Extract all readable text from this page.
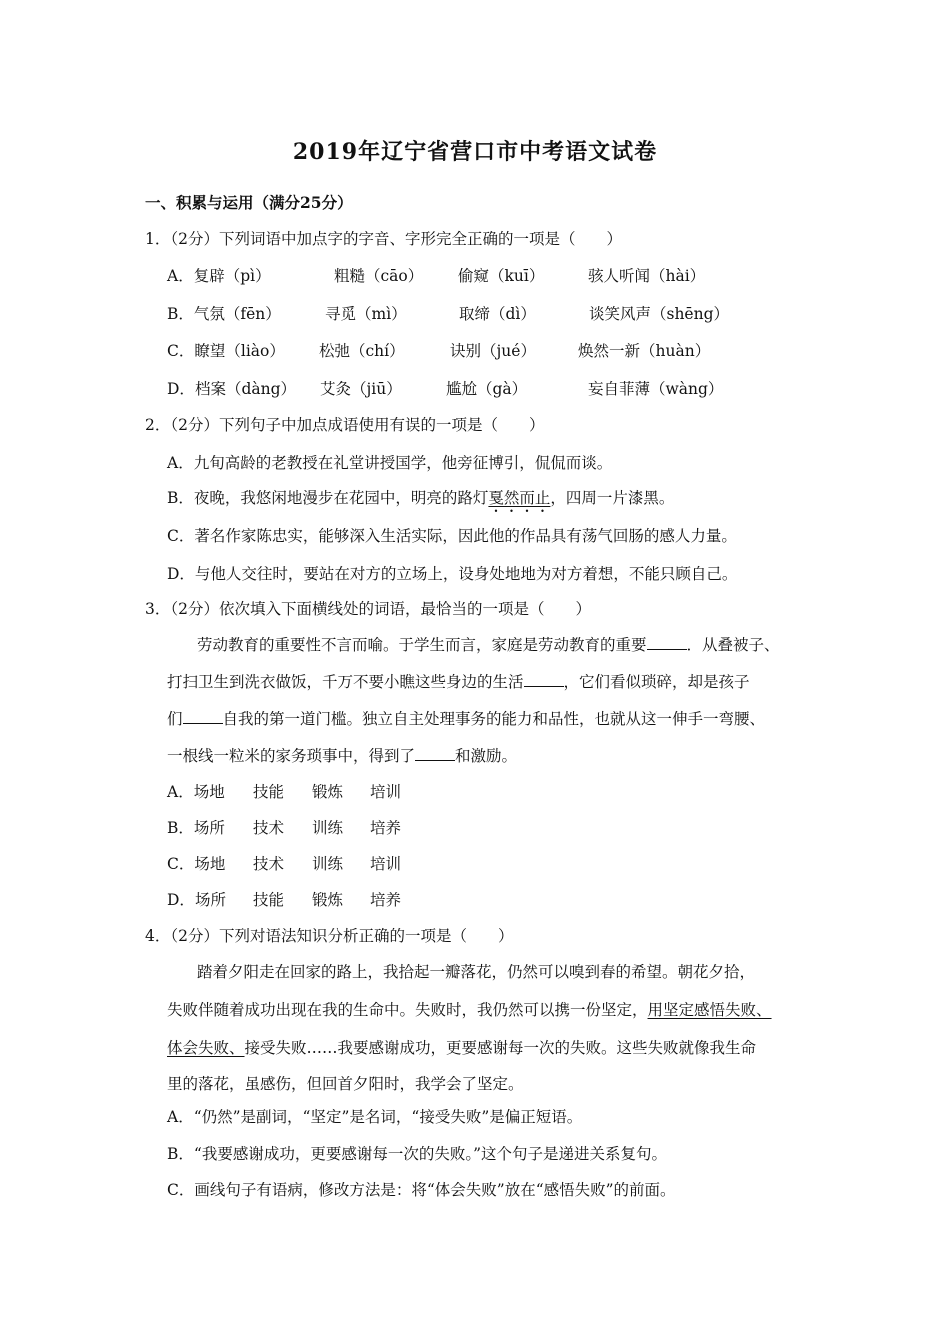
2019年辽宁省营口市中考语文试卷
一、积累与运用（满分25分）
1．（2分）下列词语中加点字的字音、字形完全正确的一项是（　　）
A．复辟（pì）	粗糙（cāo） 偷窥（kuī）	骇人听闻（hài）
B．气氛（fēn）	寻觅（mì）	取缔（dì）	谈笑风声（shēng）
C．瞭望（liào） 松弛（chí）	诀别（jué）	焕然一新（huàn）
D．档案（dàng） 艾灸（jiū）	尴尬（gà）	妄自菲薄（wàng）
2．（2分）下列句子中加点成语使用有误的一项是（　　）
A．九旬高龄的老教授在礼堂讲授国学，他旁征博引，侃侃而谈。
B．夜晚，我悠闲地漫步在花园中，明亮的路灯戛然而止，四周一片漆黑。
C．著名作家陈忠实，能够深入生活实际，因此他的作品具有荡气回肠的感人力量。
D．与他人交往时，要站在对方的立场上，设身处地地为对方着想，不能只顾自己。
3．（2分）依次填入下面横线处的词语，最恰当的一项是（　　）
劳动教育的重要性不言而喻。于学生而言，家庭是劳动教育的重要	．从叠被子、
打扫卫生到洗衣做饭，千万不要小瞧这些身边的生活	，它们看似琐碎，却是孩子
们	自我的第一道门槛。独立自主处理事务的能力和品性，也就从这一伸手一弯腰、
一根线一粒米的家务琐事中，得到了	和激励。
A．场地 技能 锻炼 培训
B．场所 技术 训练 培养
C．场地 技术 训练 培训
D．场所 技能 锻炼 培养
4．（2分）下列对语法知识分析正确的一项是（　　）
踏着夕阳走在回家的路上，我拾起一瓣落花，仍然可以嗅到春的希望。朝花夕拾，
失败伴随着成功出现在我的生命中。失败时，我仍然可以携一份坚定，用坚定感悟失败、
体会失败、接受失败……我要感谢成功，更要感谢每一次的失败。这些失败就像我生命
里的落花，虽感伤，但回首夕阳时，我学会了坚定。
A．“仍然”是副词，“坚定”是名词，“接受失败”是偏正短语。
B．“我要感谢成功，更要感谢每一次的失败。”这个句子是递进关系复句。
C．画线句子有语病，修改方法是：将“体会失败”放在“感悟失败”的前面。
